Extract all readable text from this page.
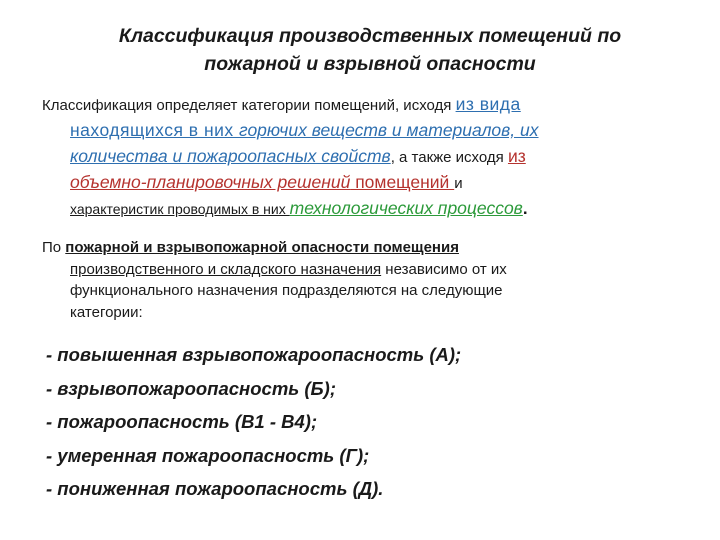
Классификация производственных помещений по
пожарной и взрывной опасности
Классификация определяет категории помещений, исходя из вида
находящихся в них горючих веществ и материалов, их
количества и пожароопасных свойств, а также исходя из
объемно-планировочных решений помещений и
характеристик проводимых в них технологических процессов.
По пожарной и взрывопожарной опасности помещения
производственного и складского назначения независимо от их
функционального назначения подразделяются на следующие
категории:
- повышенная взрывопожароопасность (А);
- взрывопожароопасность (Б);
- пожароопасность (В1 - В4);
- умеренная пожароопасность (Г);
- пониженная пожароопасность (Д).
